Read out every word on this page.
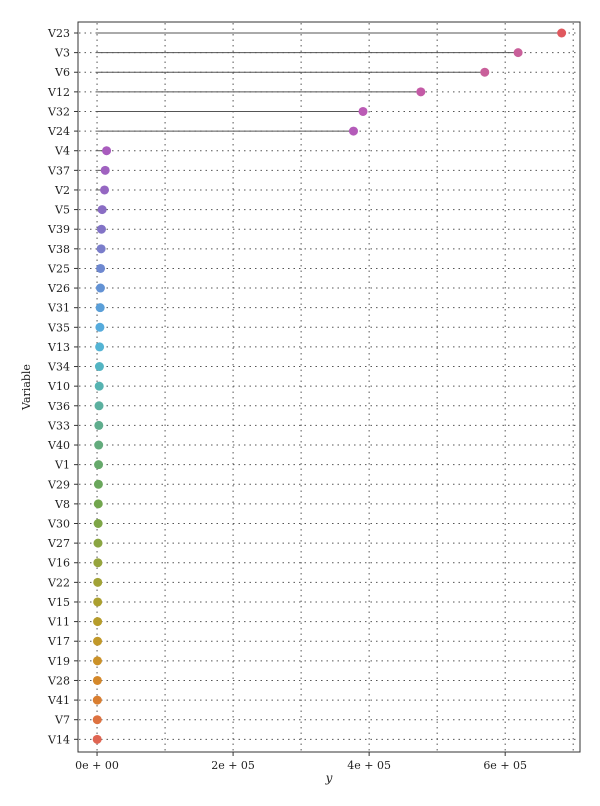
V23
V3
V6
V12
V32
V24
V4
V37
V2
V5
V39
V38
V25
V26
V31
V35
V13
V34
V10
V36
V33
V40
V1
V29
V8
V30
V27
V16
V22
V15
V11
V17
V19
V28
V41
V7
V14
0e + 00	2e + 05	4e + 05	6e + 05
y
Variable
